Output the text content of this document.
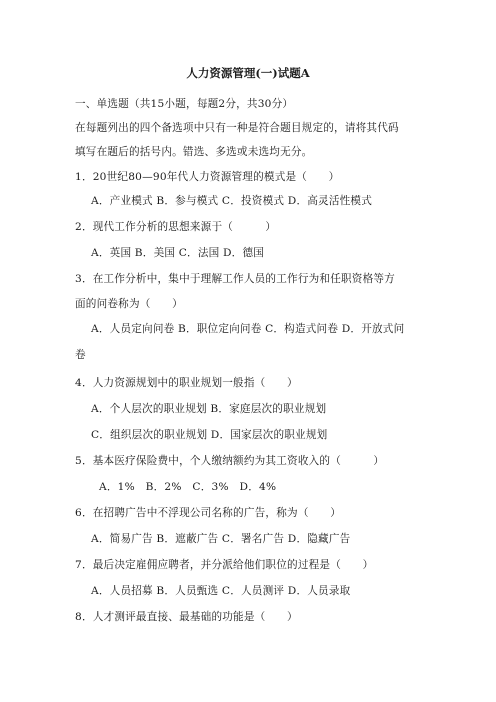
人力资源管理(一)试题A
一、单选题（共15小题，每题2分，共30分）
在每题列出的四个备选项中只有一种是符合题目规定的，请将其代码
填写在题后的括号内。错选、多选或未选均无分。
1．20世纪80—90年代人力资源管理的模式是（　　）
A．产业模式 B．参与模式 C．投资模式 D．高灵活性模式
2．现代工作分析的思想来源于（　　　）
A．英国 B．美国 C．法国 D．德国
3．在工作分析中，集中于理解工作人员的工作行为和任职资格等方
面的问卷称为（　　）
A．人员定向问卷 B．职位定向问卷 C．构造式问卷 D．开放式问
卷
4．人力资源规划中的职业规划一般指（　　）
A．个人层次的职业规划 B．家庭层次的职业规划
C．组织层次的职业规划 D．国家层次的职业规划
5．基本医疗保险费中，个人缴纳额约为其工资收入的（　　　）
A．1%　B．2%　C．3%　D．4%
6．在招聘广告中不浮现公司名称的广告，称为（　　）
A．简易广告 B．遮蔽广告 C．署名广告 D．隐藏广告
7．最后决定雇佣应聘者，并分派给他们职位的过程是（　　）
A．人员招募 B．人员甄选 C．人员测评 D．人员录取
8．人才测评最直接、最基础的功能是（　　）
